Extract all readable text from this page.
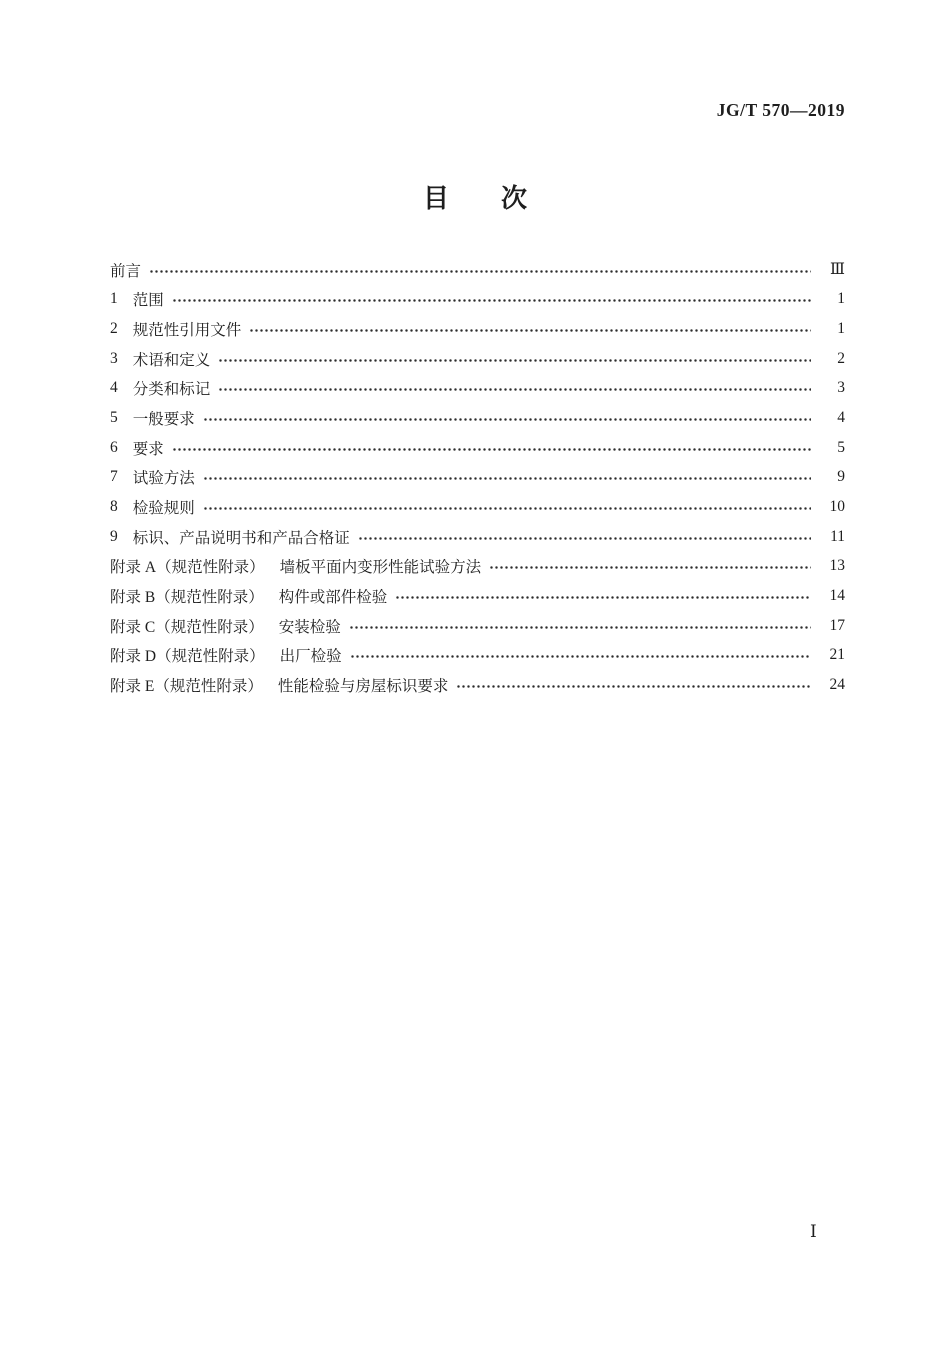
JG/T 570—2019
目　　次
前言	Ⅲ
1 范围	1
2 规范性引用文件	1
3 术语和定义	2
4 分类和标记	3
5 一般要求	4
6 要求	5
7 试验方法	9
8 检验规则	10
9 标识、产品说明书和产品合格证	11
附录 A（规范性附录） 墙板平面内变形性能试验方法	13
附录 B（规范性附录） 构件或部件检验	14
附录 C（规范性附录） 安装检验	17
附录 D（规范性附录） 出厂检验	21
附录 E（规范性附录） 性能检验与房屋标识要求	24
Ⅰ
